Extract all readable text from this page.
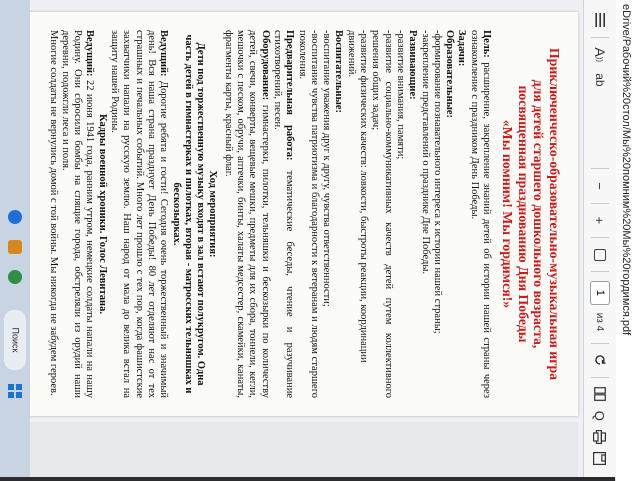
eDrive/Рабочий%20стол/Мы%20помним%20Мы%20гордимся.pdf
A
))
ab
−
+
1
из 4
Q
Приключенческо-образовательно-музыкальная игра
для детей старшего дошкольного возраста,
посвященная празднованию Дня Победы
«Мы помним! Мы гордимся!»

Цель: расширение, закрепление знаний детей об истории нашей страны через ознакомление с праздником День Победы.

Задачи:

Образовательные:

-формирование познавательного интереса к истории нашей страны;

-закрепление представлений о празднике Дне Победы.

Развивающие:

-развитие внимания, памяти;

-развитие социально-коммуникативных качеств детей путем коллективного решения общих задач;

-развитие физических качеств: ловкости, быстроты реакции, координации движений.

Воспитательные:

-воспитание уважения друг к другу, чувства ответственности;

-воспитание чувства патриотизма и благодарности к ветеранам и людям старшего поколения.

Предварительная работа: тематические беседы, чтение и разучивание стихотворений, песен.

Оборудование: гимнастерки, пилотки, тельняшки и бескозырки по количеству детей, свечи, конверты, вещевые мешки, предметы для их сбора, тоннели, кегли, мешочки с песком, обручи, аптечки, бинты, халаты медсестер, скамейки, канаты, фрагменты карты, красный флаг.

Ход мероприятия:

Дети под торжественную музыку входят в зал встают полукругом. Одна часть детей в гимнастерках и пилотках, вторая - матросских тельняшках и бескозырках.

Ведущий: Дорогие ребята и гости! Сегодня очень торжественный и значимый день! Вся наша страна празднует День Победы! 80 лет отделяют нас от тех страшных и печальных событий. Много лет прошло с тех пор, когда фашистские захватчики напали на русскую землю. Наш народ от мала до велика встал на защиту нашей Родины.

Кадры военной хроники. Голос Левитана.

Ведущий: 22 июня 1941 года, ранним утром, немецкие солдаты напали на нашу Родину. Они сбросили бомбы на спящие города, обстреляли из орудий наши деревни, подожгли леса и поля.

Многие солдаты не вернулись домой с той войны. Мы никогда не забудем героев.

Поиск
